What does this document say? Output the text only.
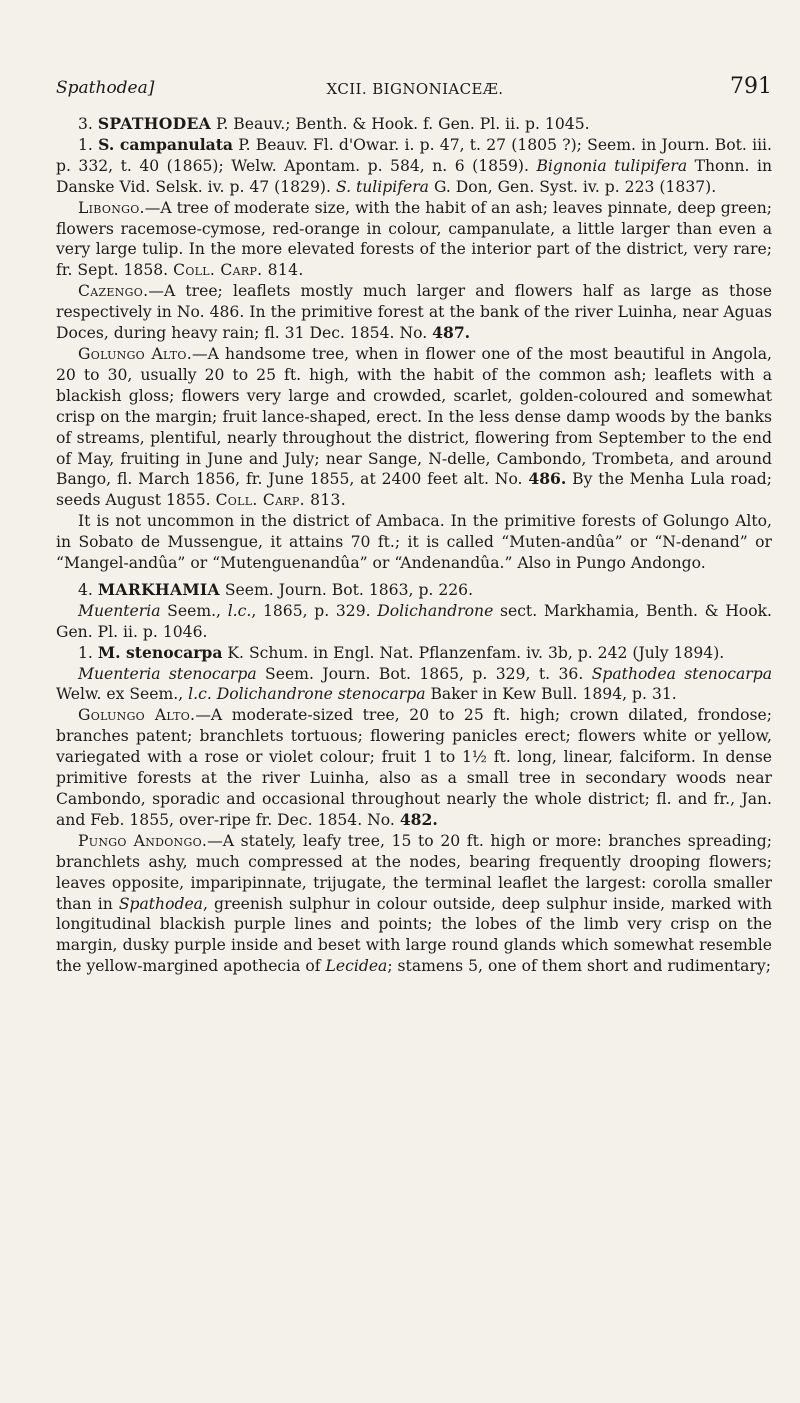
Spathodea]	XCII. BIGNONIACEÆ.	791

3. SPATHODEA P. Beauv.; Benth. & Hook. f. Gen. Pl. ii. p. 1045.

1. S. campanulata P. Beauv. Fl. d'Owar. i. p. 47, t. 27 (1805 ?); Seem. in Journ. Bot. iii. p. 332, t. 40 (1865); Welw. Apontam. p. 584, n. 6 (1859). Bignonia tulipifera Thonn. in Danske Vid. Selsk. iv. p. 47 (1829). S. tulipifera G. Don, Gen. Syst. iv. p. 223 (1837).

Libongo.—A tree of moderate size, with the habit of an ash; leaves pinnate, deep green; flowers racemose-cymose, red-orange in colour, campanulate, a little larger than even a very large tulip. In the more elevated forests of the interior part of the district, very rare; fr. Sept. 1858. Coll. Carp. 814.

Cazengo.—A tree; leaflets mostly much larger and flowers half as large as those respectively in No. 486. In the primitive forest at the bank of the river Luinha, near Aguas Doces, during heavy rain; fl. 31 Dec. 1854. No. 487.

Golungo Alto.—A handsome tree, when in flower one of the most beautiful in Angola, 20 to 30, usually 20 to 25 ft. high, with the habit of the common ash; leaflets with a blackish gloss; flowers very large and crowded, scarlet, golden-coloured and somewhat crisp on the margin; fruit lance-shaped, erect. In the less dense damp woods by the banks of streams, plentiful, nearly throughout the district, flowering from September to the end of May, fruiting in June and July; near Sange, N-delle, Cambondo, Trombeta, and around Bango, fl. March 1856, fr. June 1855, at 2400 feet alt. No. 486. By the Menha Lula road; seeds August 1855. Coll. Carp. 813.

It is not uncommon in the district of Ambaca. In the primitive forests of Golungo Alto, in Sobato de Mussengue, it attains 70 ft.; it is called “Muten-andûa” or “N-denand” or “Mangel-andûa” or “Mutenguenandûa” or “Andenandûa.” Also in Pungo Andongo.

4. MARKHAMIA Seem. Journ. Bot. 1863, p. 226.

Muenteria Seem., l.c., 1865, p. 329. Dolichandrone sect. Markhamia, Benth. & Hook. Gen. Pl. ii. p. 1046.

1. M. stenocarpa K. Schum. in Engl. Nat. Pflanzenfam. iv. 3b, p. 242 (July 1894).

Muenteria stenocarpa Seem. Journ. Bot. 1865, p. 329, t. 36. Spathodea stenocarpa Welw. ex Seem., l.c. Dolichandrone stenocarpa Baker in Kew Bull. 1894, p. 31.

Golungo Alto.—A moderate-sized tree, 20 to 25 ft. high; crown dilated, frondose; branches patent; branchlets tortuous; flowering panicles erect; flowers white or yellow, variegated with a rose or violet colour; fruit 1 to 1½ ft. long, linear, falciform. In dense primitive forests at the river Luinha, also as a small tree in secondary woods near Cambondo, sporadic and occasional throughout nearly the whole district; fl. and fr., Jan. and Feb. 1855, over-ripe fr. Dec. 1854. No. 482.

Pungo Andongo.—A stately, leafy tree, 15 to 20 ft. high or more: branches spreading; branchlets ashy, much compressed at the nodes, bearing frequently drooping flowers; leaves opposite, imparipinnate, trijugate, the terminal leaflet the largest: corolla smaller than in Spathodea, greenish sulphur in colour outside, deep sulphur inside, marked with longitudinal blackish purple lines and points; the lobes of the limb very crisp on the margin, dusky purple inside and beset with large round glands which somewhat resemble the yellow-margined apothecia of Lecidea; stamens 5, one of them short and rudimentary;
